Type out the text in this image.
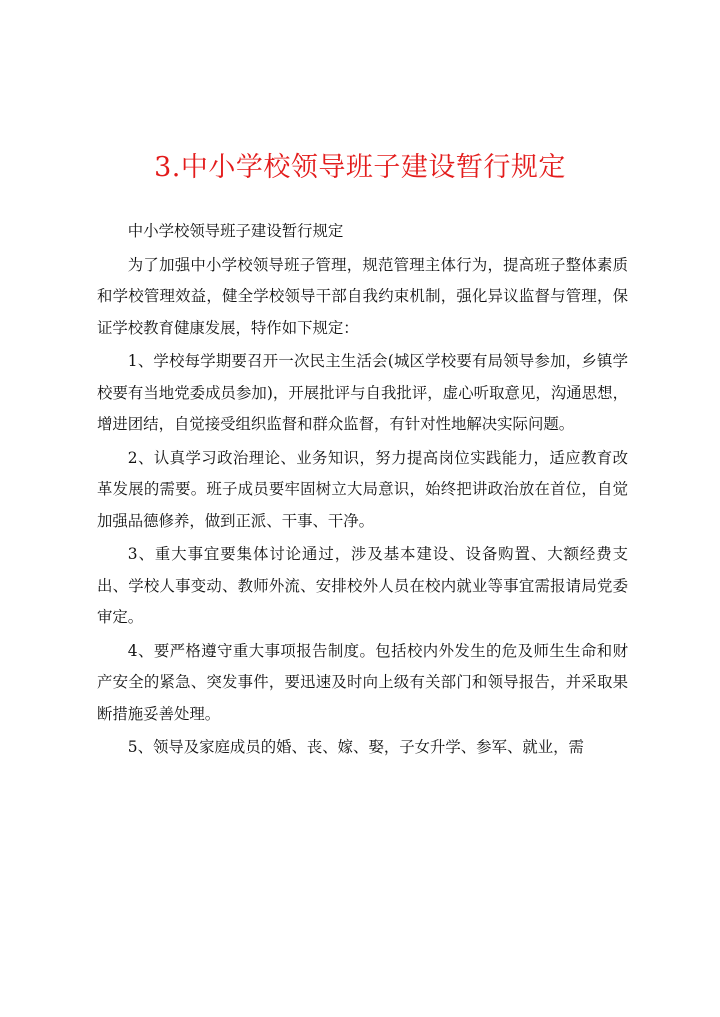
3.中小学校领导班子建设暂行规定

中小学校领导班子建设暂行规定

为了加强中小学校领导班子管理，规范管理主体行为，提高班子整体素质和学校管理效益，健全学校领导干部自我约束机制，强化异议监督与管理，保证学校教育健康发展，特作如下规定：

1、学校每学期要召开一次民主生活会(城区学校要有局领导参加，乡镇学校要有当地党委成员参加)，开展批评与自我批评，虚心听取意见，沟通思想，增进团结，自觉接受组织监督和群众监督，有针对性地解决实际问题。

2、认真学习政治理论、业务知识，努力提高岗位实践能力，适应教育改革发展的需要。班子成员要牢固树立大局意识，始终把讲政治放在首位，自觉加强品德修养，做到正派、干事、干净。

3、重大事宜要集体讨论通过，涉及基本建设、设备购置、大额经费支出、学校人事变动、教师外流、安排校外人员在校内就业等事宜需报请局党委审定。

4、要严格遵守重大事项报告制度。包括校内外发生的危及师生生命和财产安全的紧急、突发事件，要迅速及时向上级有关部门和领导报告，并采取果断措施妥善处理。

5、领导及家庭成员的婚、丧、嫁、娶，子女升学、参军、就业，需
